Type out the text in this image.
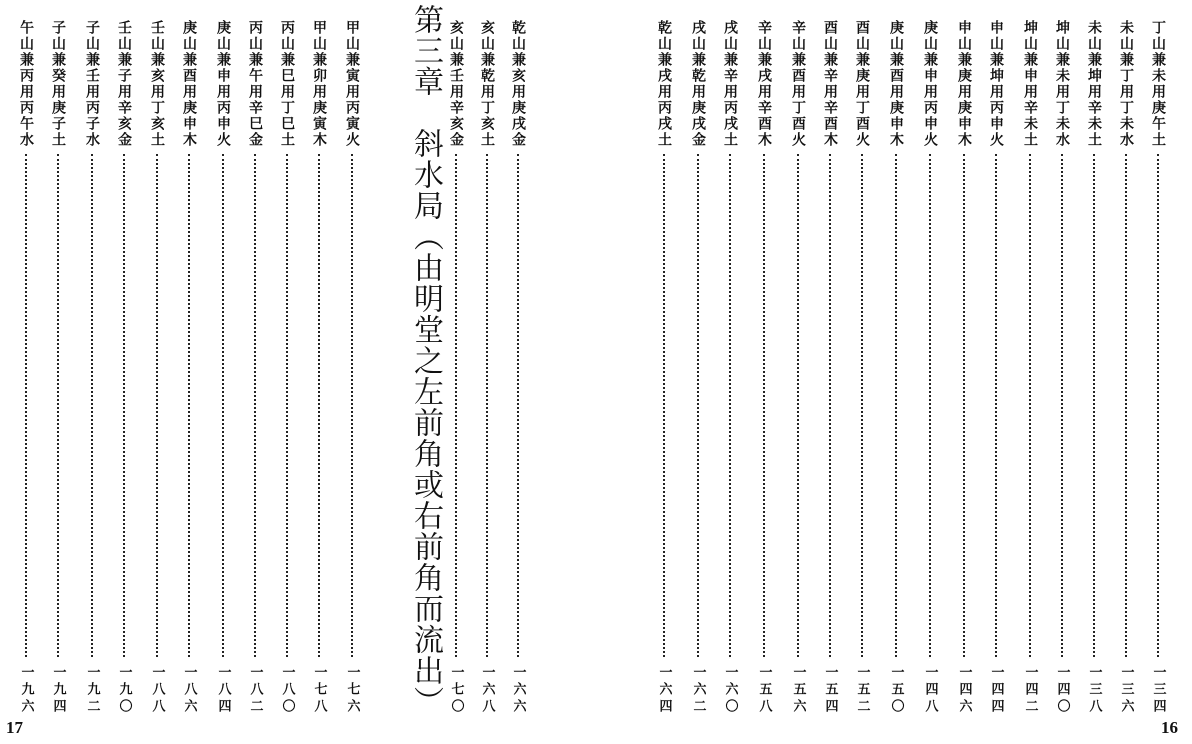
第三章　斜水局（由明堂之左前角或右前角而流出）	乾山兼亥用庚戌金
一六六
亥山兼乾用丁亥土
一六八
亥山兼壬用辛亥金
一七〇
甲山兼寅用丙寅火
一七六
甲山兼卯用庚寅木
一七八
丙山兼巳用丁巳土
一八〇
丙山兼午用辛巳金
一八二
庚山兼申用丙申火
一八四
庚山兼酉用庚申木
一八六
壬山兼亥用丁亥土
一八八
壬山兼子用辛亥金
一九〇
子山兼壬用丙子水
一九二
子山兼癸用庚子土
一九四
午山兼丙用丙午水
一九六
17
丁山兼未用庚午土
一三四
未山兼丁用丁未水
一三六
未山兼坤用辛未土
一三八
坤山兼未用丁未水
一四〇
坤山兼申用辛未土
一四二
申山兼坤用丙申火
一四四
申山兼庚用庚申木
一四六
庚山兼申用丙申火
一四八
庚山兼酉用庚申木
一五〇
酉山兼庚用丁酉火
一五二
酉山兼辛用辛酉木
一五四
辛山兼酉用丁酉火
一五六
辛山兼戌用辛酉木
一五八
戌山兼辛用丙戌土
一六〇
戌山兼乾用庚戌金
一六二
乾山兼戌用丙戌土
一六四
16
